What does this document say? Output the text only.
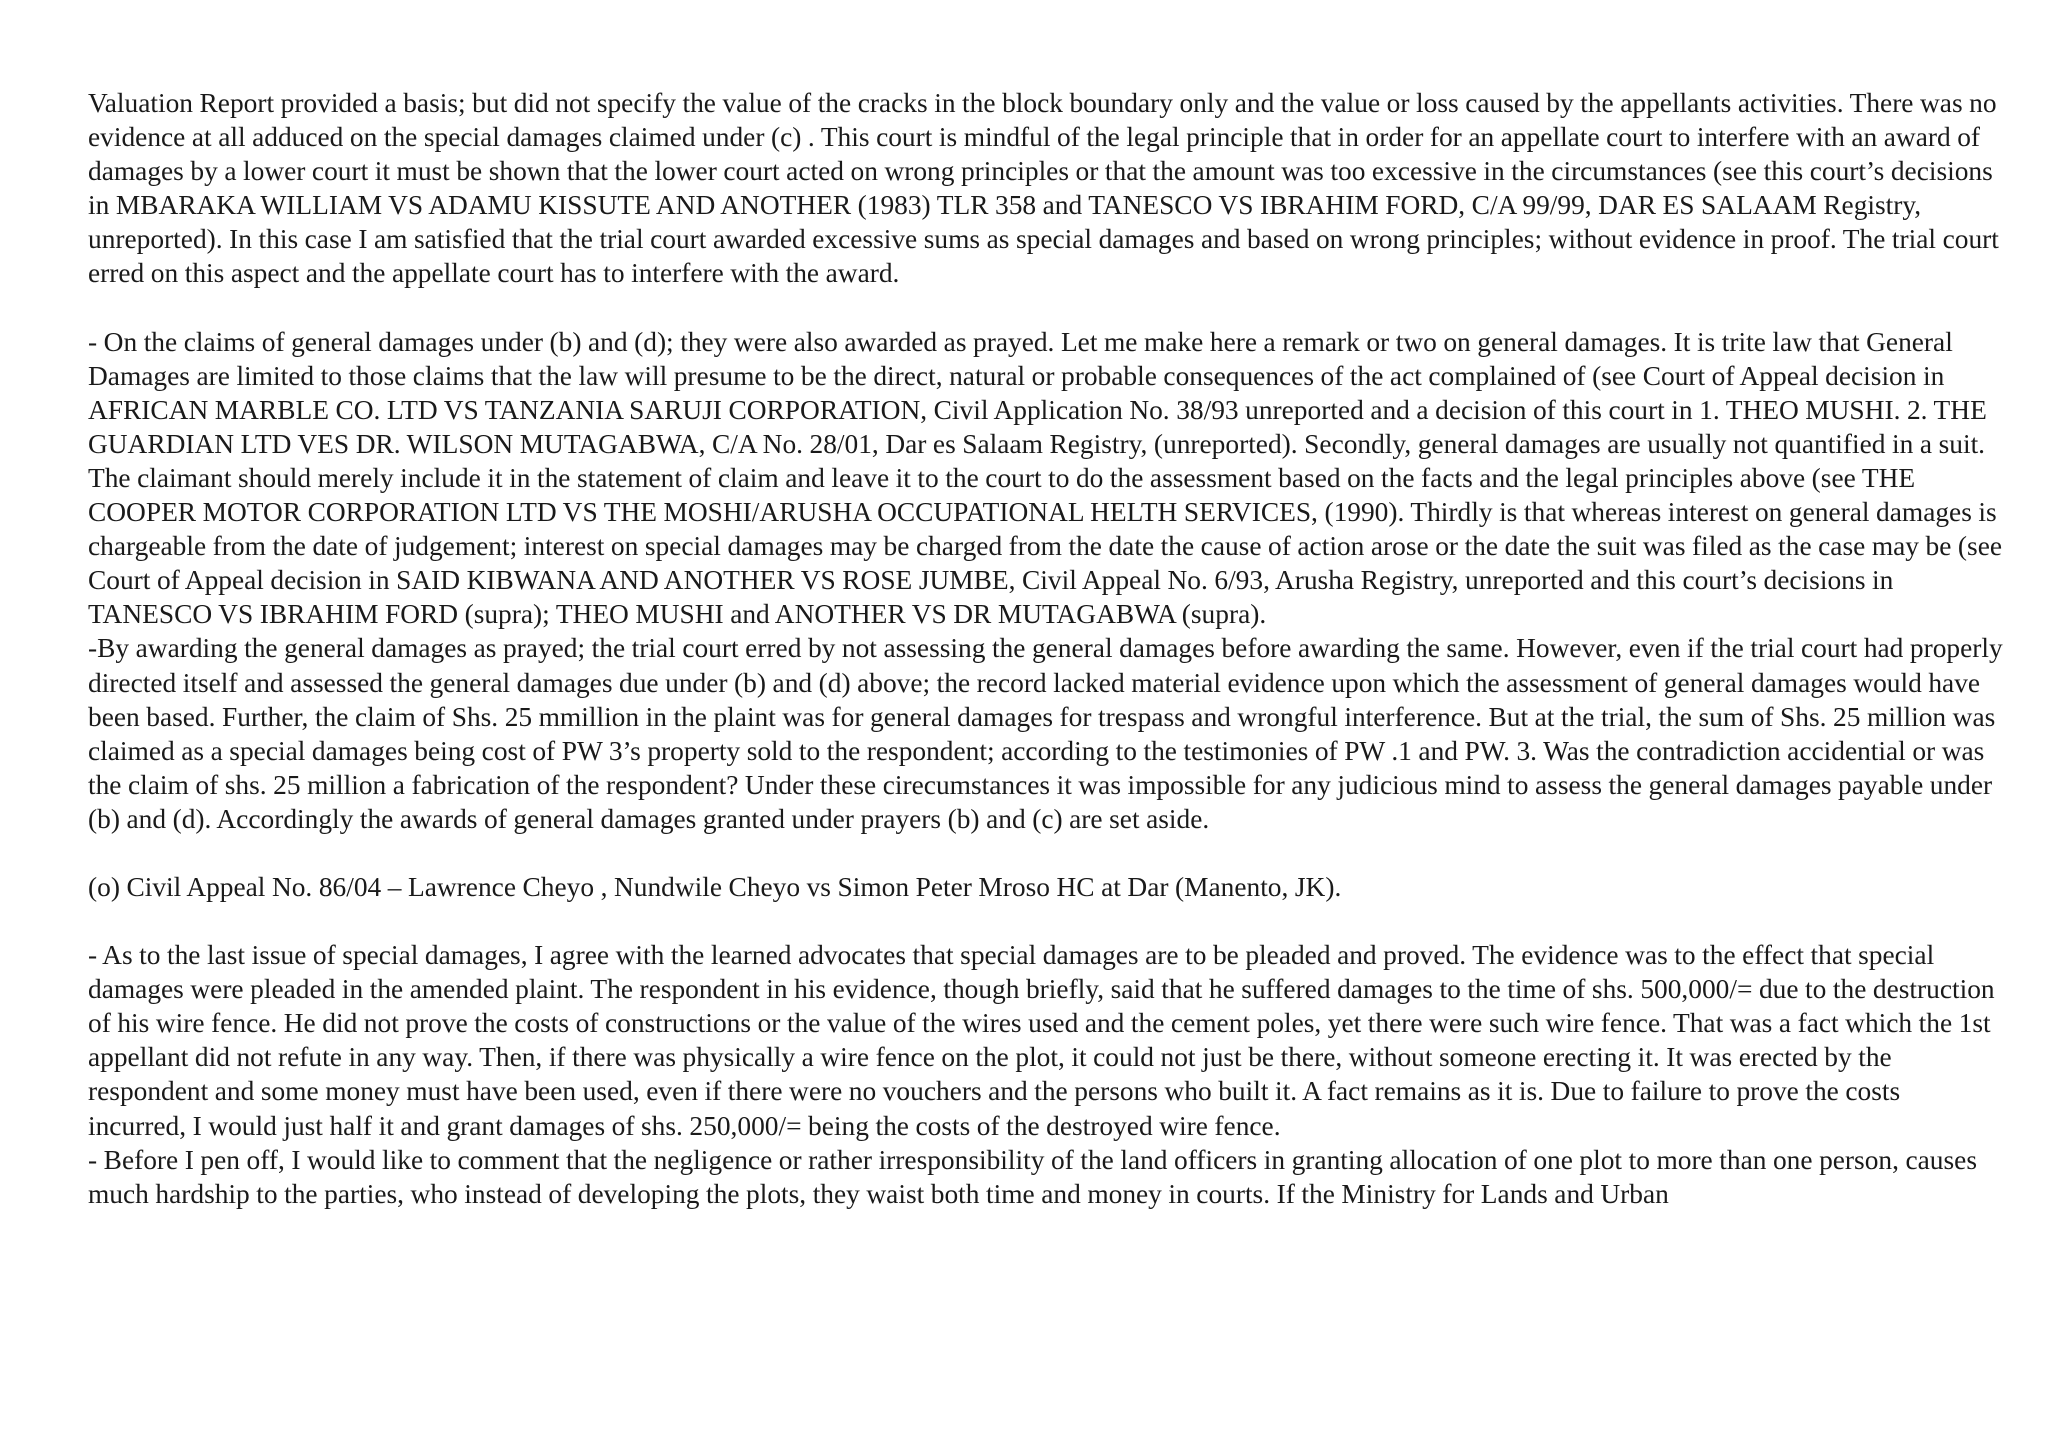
Valuation Report provided a basis; but did not specify the value of the cracks in the block boundary only and the value or loss caused by the appellants activities. There was no evidence at all adduced on the special damages claimed under (c) . This court is mindful of the legal principle that in order for an appellate court to interfere with an award of damages by a lower court it must be shown that the lower court acted on wrong principles or that the amount was too excessive in the circumstances (see this court’s decisions in MBARAKA WILLIAM VS ADAMU KISSUTE AND ANOTHER (1983) TLR 358 and TANESCO VS IBRAHIM FORD, C/A 99/99, DAR ES SALAAM Registry, unreported). In this case I am satisfied that the trial court awarded excessive sums as special damages and based on wrong principles; without evidence in proof. The trial court erred on this aspect and the appellate court has to interfere with the award.

- On the claims of general damages under (b) and (d); they were also awarded as prayed. Let me make here a remark or two on general damages. It is trite law that General Damages are limited to those claims that the law will presume to be the direct, natural or probable consequences of the act complained of (see Court of Appeal decision in AFRICAN MARBLE CO. LTD VS TANZANIA SARUJI CORPORATION, Civil Application No. 38/93 unreported and a decision of this court in 1. THEO MUSHI. 2. THE GUARDIAN LTD VES DR. WILSON MUTAGABWA, C/A No. 28/01, Dar es Salaam Registry, (unreported). Secondly, general damages are usually not quantified in a suit. The claimant should merely include it in the statement of claim and leave it to the court to do the assessment based on the facts and the legal principles above (see THE COOPER MOTOR CORPORATION LTD VS THE MOSHI/ARUSHA OCCUPATIONAL HELTH SERVICES, (1990). Thirdly is that whereas interest on general damages is chargeable from the date of judgement; interest on special damages may be charged from the date the cause of action arose or the date the suit was filed as the case may be (see Court of Appeal decision in SAID KIBWANA AND ANOTHER VS ROSE JUMBE, Civil Appeal No. 6/93, Arusha Registry, unreported and this court’s decisions in TANESCO VS IBRAHIM FORD (supra); THEO MUSHI and ANOTHER VS DR MUTAGABWA (supra).

-By awarding the general damages as prayed; the trial court erred by not assessing the general damages before awarding the same. However, even if the trial court had properly directed itself and assessed the general damages due under (b) and (d) above; the record lacked material evidence upon which the assessment of general damages would have been based. Further, the claim of Shs. 25 mmillion in the plaint was for general damages for trespass and wrongful interference. But at the trial, the sum of Shs. 25 million was claimed as a special damages being cost of PW 3’s property sold to the respondent; according to the testimonies of PW .1 and PW. 3. Was the contradiction accidential or was the claim of shs. 25 million a fabrication of the respondent? Under these cirecumstances it was impossible for any judicious mind to assess the general damages payable under (b) and (d). Accordingly the awards of general damages granted under prayers (b) and (c) are set aside.

(o) Civil Appeal No. 86/04 – Lawrence Cheyo , Nundwile Cheyo vs Simon Peter Mroso HC at Dar (Manento, JK).

- As to the last issue of special damages, I agree with the learned advocates that special damages are to be pleaded and proved. The evidence was to the effect that special damages were pleaded in the amended plaint. The respondent in his evidence, though briefly, said that he suffered damages to the time of shs. 500,000/= due to the destruction of his wire fence. He did not prove the costs of constructions or the value of the wires used and the cement poles, yet there were such wire fence. That was a fact which the 1st appellant did not refute in any way. Then, if there was physically a wire fence on the plot, it could not just be there, without someone erecting it. It was erected by the respondent and some money must have been used, even if there were no vouchers and the persons who built it. A fact remains as it is. Due to failure to prove the costs incurred, I would just half it and grant damages of shs. 250,000/= being the costs of the destroyed wire fence.

- Before I pen off, I would like to comment that the negligence or rather irresponsibility of the land officers in granting allocation of one plot to more than one person, causes much hardship to the parties, who instead of developing the plots, they waist both time and money in courts. If the Ministry for Lands and Urban
